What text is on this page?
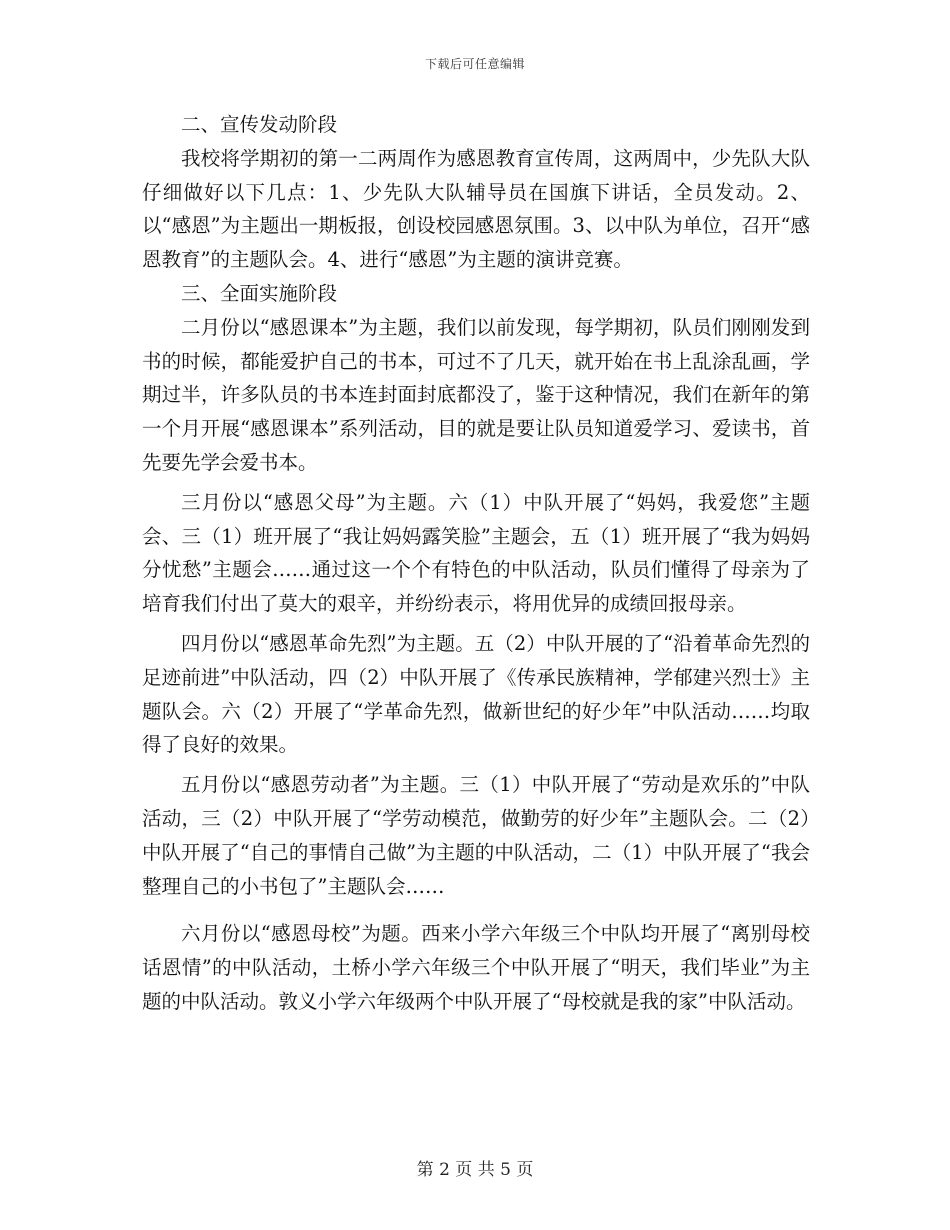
下载后可任意编辑

二、宣传发动阶段

我校将学期初的第一二两周作为感恩教育宣传周，这两周中，少先队大队仔细做好以下几点：1、少先队大队辅导员在国旗下讲话，全员发动。2、以“感恩”为主题出一期板报，创设校园感恩氛围。3、以中队为单位，召开“感恩教育”的主题队会。4、进行“感恩”为主题的演讲竞赛。

三、全面实施阶段

二月份以“感恩课本”为主题，我们以前发现，每学期初，队员们刚刚发到书的时候，都能爱护自己的书本，可过不了几天，就开始在书上乱涂乱画，学期过半，许多队员的书本连封面封底都没了，鉴于这种情况，我们在新年的第一个月开展“感恩课本”系列活动，目的就是要让队员知道爱学习、爱读书，首先要先学会爱书本。

三月份以“感恩父母”为主题。六（1）中队开展了“妈妈，我爱您”主题会、三（1）班开展了“我让妈妈露笑脸”主题会，五（1）班开展了“我为妈妈分忧愁”主题会……通过这一个个有特色的中队活动，队员们懂得了母亲为了培育我们付出了莫大的艰辛，并纷纷表示，将用优异的成绩回报母亲。

四月份以“感恩革命先烈”为主题。五（2）中队开展的了“沿着革命先烈的足迹前进”中队活动，四（2）中队开展了《传承民族精神，学郁建兴烈士》主题队会。六（2）开展了“学革命先烈，做新世纪的好少年”中队活动……均取得了良好的效果。

五月份以“感恩劳动者”为主题。三（1）中队开展了“劳动是欢乐的”中队活动，三（2）中队开展了“学劳动模范，做勤劳的好少年”主题队会。二（2）中队开展了“自己的事情自己做”为主题的中队活动，二（1）中队开展了“我会整理自己的小书包了”主题队会……

六月份以“感恩母校”为题。西来小学六年级三个中队均开展了“离别母校话恩情”的中队活动，土桥小学六年级三个中队开展了“明天，我们毕业”为主题的中队活动。敦义小学六年级两个中队开展了“母校就是我的家”中队活动。

第 2 页 共 5 页
